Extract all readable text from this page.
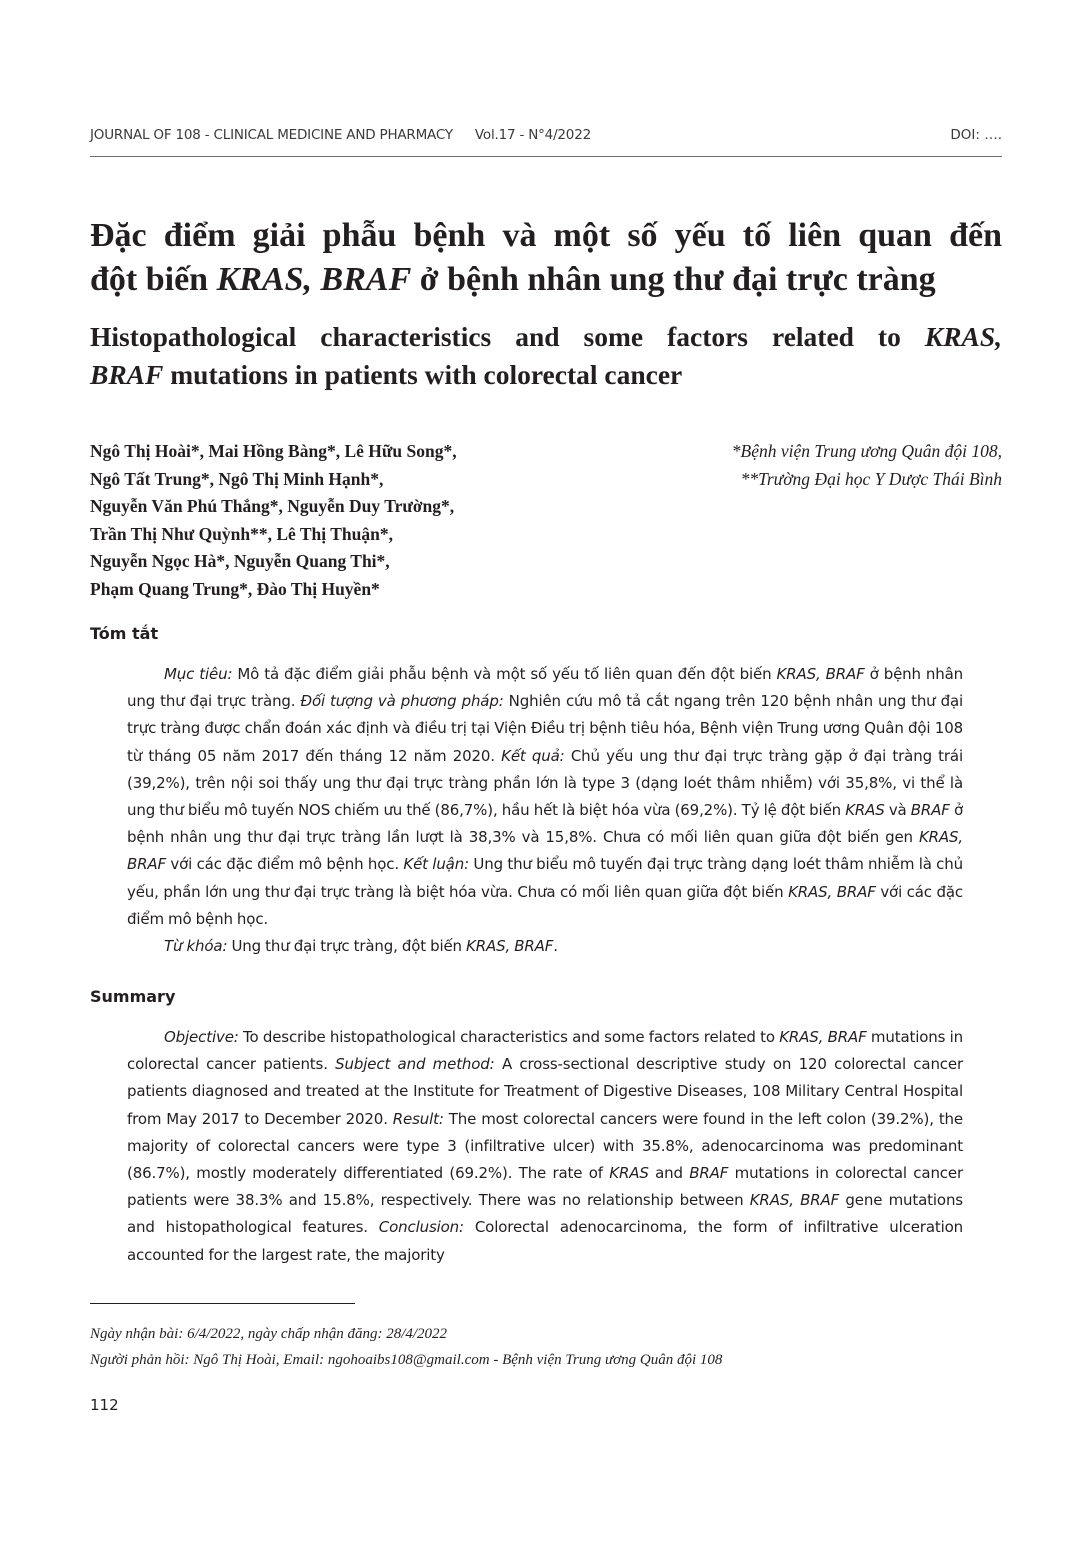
JOURNAL OF 108 - CLINICAL MEDICINE AND PHARMACY Vol.17 - N°4/2022	DOI: ….
Đặc điểm giải phẫu bệnh và một số yếu tố liên quan đến
đột biến KRAS, BRAF ở bệnh nhân ung thư đại trực tràng
Histopathological characteristics and some factors related to KRAS,
BRAF mutations in patients with colorectal cancer
Ngô Thị Hoài*, Mai Hồng Bàng*, Lê Hữu Song*,
Ngô Tất Trung*, Ngô Thị Minh Hạnh*,
Nguyễn Văn Phú Thắng*, Nguyễn Duy Trường*,
Trần Thị Như Quỳnh**, Lê Thị Thuận*,
Nguyễn Ngọc Hà*, Nguyễn Quang Thi*,
Phạm Quang Trung*, Đào Thị Huyền*
*Bệnh viện Trung ương Quân đội 108,
**Trường Đại học Y Dược Thái Bình
Tóm tắt

Mục tiêu: Mô tả đặc điểm giải phẫu bệnh và một số yếu tố liên quan đến đột biến KRAS, BRAF ở bệnh nhân ung thư đại trực tràng. Đối tượng và phương pháp: Nghiên cứu mô tả cắt ngang trên 120 bệnh nhân ung thư đại trực tràng được chẩn đoán xác định và điều trị tại Viện Điều trị bệnh tiêu hóa, Bệnh viện Trung ương Quân đội 108 từ tháng 05 năm 2017 đến tháng 12 năm 2020. Kết quả: Chủ yếu ung thư đại trực tràng gặp ở đại tràng trái (39,2%), trên nội soi thấy ung thư đại trực tràng phần lớn là type 3 (dạng loét thâm nhiễm) với 35,8%, vi thể là ung thư biểu mô tuyến NOS chiếm ưu thế (86,7%), hầu hết là biệt hóa vừa (69,2%). Tỷ lệ đột biến KRAS và BRAF ở bệnh nhân ung thư đại trực tràng lần lượt là 38,3% và 15,8%. Chưa có mối liên quan giữa đột biến gen KRAS, BRAF với các đặc điểm mô bệnh học. Kết luận: Ung thư biểu mô tuyến đại trực tràng dạng loét thâm nhiễm là chủ yếu, phần lớn ung thư đại trực tràng là biệt hóa vừa. Chưa có mối liên quan giữa đột biến KRAS, BRAF với các đặc điểm mô bệnh học.

Từ khóa: Ung thư đại trực tràng, đột biến KRAS, BRAF.

Summary

Objective: To describe histopathological characteristics and some factors related to KRAS, BRAF mutations in colorectal cancer patients. Subject and method: A cross-sectional descriptive study on 120 colorectal cancer patients diagnosed and treated at the Institute for Treatment of Digestive Diseases, 108 Military Central Hospital from May 2017 to December 2020. Result: The most colorectal cancers were found in the left colon (39.2%), the majority of colorectal cancers were type 3 (infiltrative ulcer) with 35.8%, adenocarcinoma was predominant (86.7%), mostly moderately differentiated (69.2%). The rate of KRAS and BRAF mutations in colorectal cancer patients were 38.3% and 15.8%, respectively. There was no relationship between KRAS, BRAF gene mutations and histopathological features. Conclusion: Colorectal adenocarcinoma, the form of infiltrative ulceration accounted for the largest rate, the majority

Ngày nhận bài: 6/4/2022, ngày chấp nhận đăng: 28/4/2022
Người phản hồi: Ngô Thị Hoài, Email: ngohoaibs108@gmail.com - Bệnh viện Trung ương Quân đội 108
112
